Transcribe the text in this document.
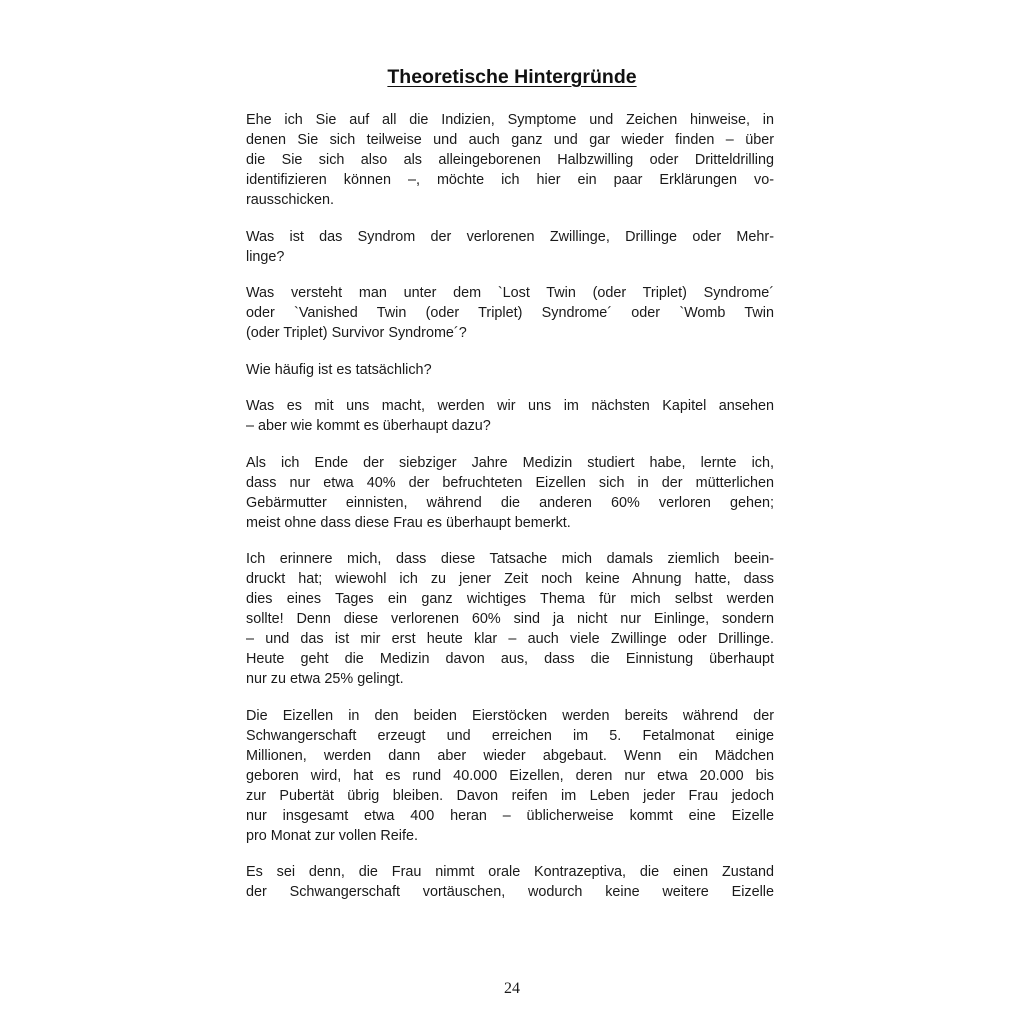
Theoretische Hintergründe
Ehe ich Sie auf all die Indizien, Symptome und Zeichen hinweise, in
denen Sie sich teilweise und auch ganz und gar wieder finden – über
die Sie sich also als alleingeborenen Halbzwilling oder Dritteldrilling
identifizieren können –, möchte ich hier ein paar Erklärungen vo-
rausschicken.
Was ist das Syndrom der verlorenen Zwillinge, Drillinge oder Mehr-
linge?
Was versteht man unter dem `Lost Twin (oder Triplet) Syndrome´
oder `Vanished Twin (oder Triplet) Syndrome´ oder `Womb Twin
(oder Triplet) Survivor Syndrome´?
Wie häufig ist es tatsächlich?
Was es mit uns macht, werden wir uns im nächsten Kapitel ansehen
– aber wie kommt es überhaupt dazu?
Als ich Ende der siebziger Jahre Medizin studiert habe, lernte ich,
dass nur etwa 40% der befruchteten Eizellen sich in der mütterlichen
Gebärmutter einnisten, während die anderen 60% verloren gehen;
meist ohne dass diese Frau es überhaupt bemerkt.
Ich erinnere mich, dass diese Tatsache mich damals ziemlich beein-
druckt hat; wiewohl ich zu jener Zeit noch keine Ahnung hatte, dass
dies eines Tages ein ganz wichtiges Thema für mich selbst werden
sollte! Denn diese verlorenen 60% sind ja nicht nur Einlinge, sondern
– und das ist mir erst heute klar – auch viele Zwillinge oder Drillinge.
Heute geht die Medizin davon aus, dass die Einnistung überhaupt
nur zu etwa 25% gelingt.
Die Eizellen in den beiden Eierstöcken werden bereits während der
Schwangerschaft erzeugt und erreichen im 5. Fetalmonat einige
Millionen, werden dann aber wieder abgebaut. Wenn ein Mädchen
geboren wird, hat es rund 40.000 Eizellen, deren nur etwa 20.000 bis
zur Pubertät übrig bleiben. Davon reifen im Leben jeder Frau jedoch
nur insgesamt etwa 400 heran – üblicherweise kommt eine Eizelle
pro Monat zur vollen Reife.
Es sei denn, die Frau nimmt orale Kontrazeptiva, die einen Zustand
der Schwangerschaft vortäuschen, wodurch keine weitere Eizelle
24
